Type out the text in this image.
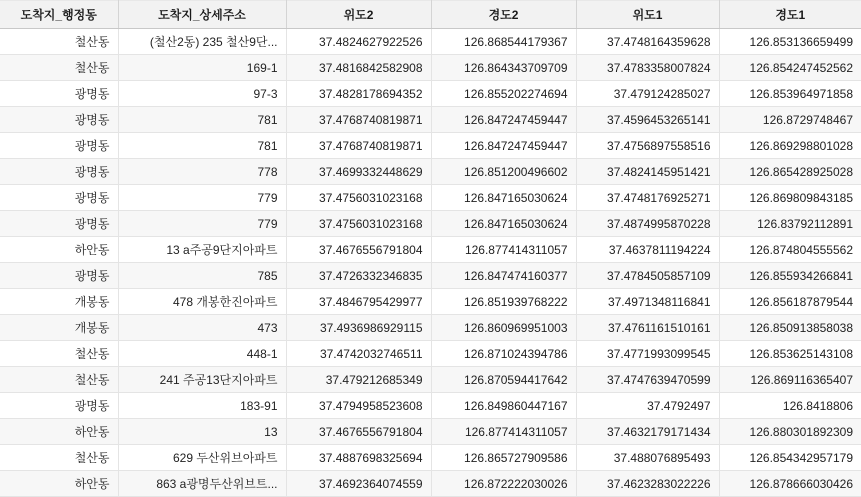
도착지_행정동	도착지_상세주소	위도2	경도2	위도1	경도1
철산동	(철산2동) 235 철산9단...	37.4824627922526	126.868544179367	37.4748164359628	126.853136659499
철산동	169-1	37.4816842582908	126.864343709709	37.4783358007824	126.854247452562
광명동	97-3	37.4828178694352	126.855202274694	37.479124285027	126.853964971858
광명동	781	37.4768740819871	126.847247459447	37.4596453265141	126.8729748467
광명동	781	37.4768740819871	126.847247459447	37.4756897558516	126.869298801028
광명동	778	37.4699332448629	126.851200496602	37.4824145951421	126.865428925028
광명동	779	37.4756031023168	126.847165030624	37.4748176925271	126.869809843185
광명동	779	37.4756031023168	126.847165030624	37.4874995870228	126.83792112891
하안동	13 a주공9단지아파트	37.4676556791804	126.877414311057	37.4637811194224	126.874804555562
광명동	785	37.4726332346835	126.847474160377	37.4784505857109	126.855934266841
개봉동	478 개봉한진아파트	37.4846795429977	126.851939768222	37.4971348116841	126.856187879544
개봉동	473	37.4936986929115	126.860969951003	37.4761161510161	126.850913858038
철산동	448-1	37.4742032746511	126.871024394786	37.4771993099545	126.853625143108
철산동	241 주공13단지아파트	37.479212685349	126.870594417642	37.4747639470599	126.869116365407
광명동	183-91	37.4794958523608	126.849860447167	37.4792497	126.8418806
하안동	13	37.4676556791804	126.877414311057	37.4632179171434	126.880301892309
철산동	629 두산위브아파트	37.4887698325694	126.865727909586	37.488076895493	126.854342957179
하안동	863 a광명두산위브트...	37.4692364074559	126.872222030026	37.4623283022226	126.878666030426
